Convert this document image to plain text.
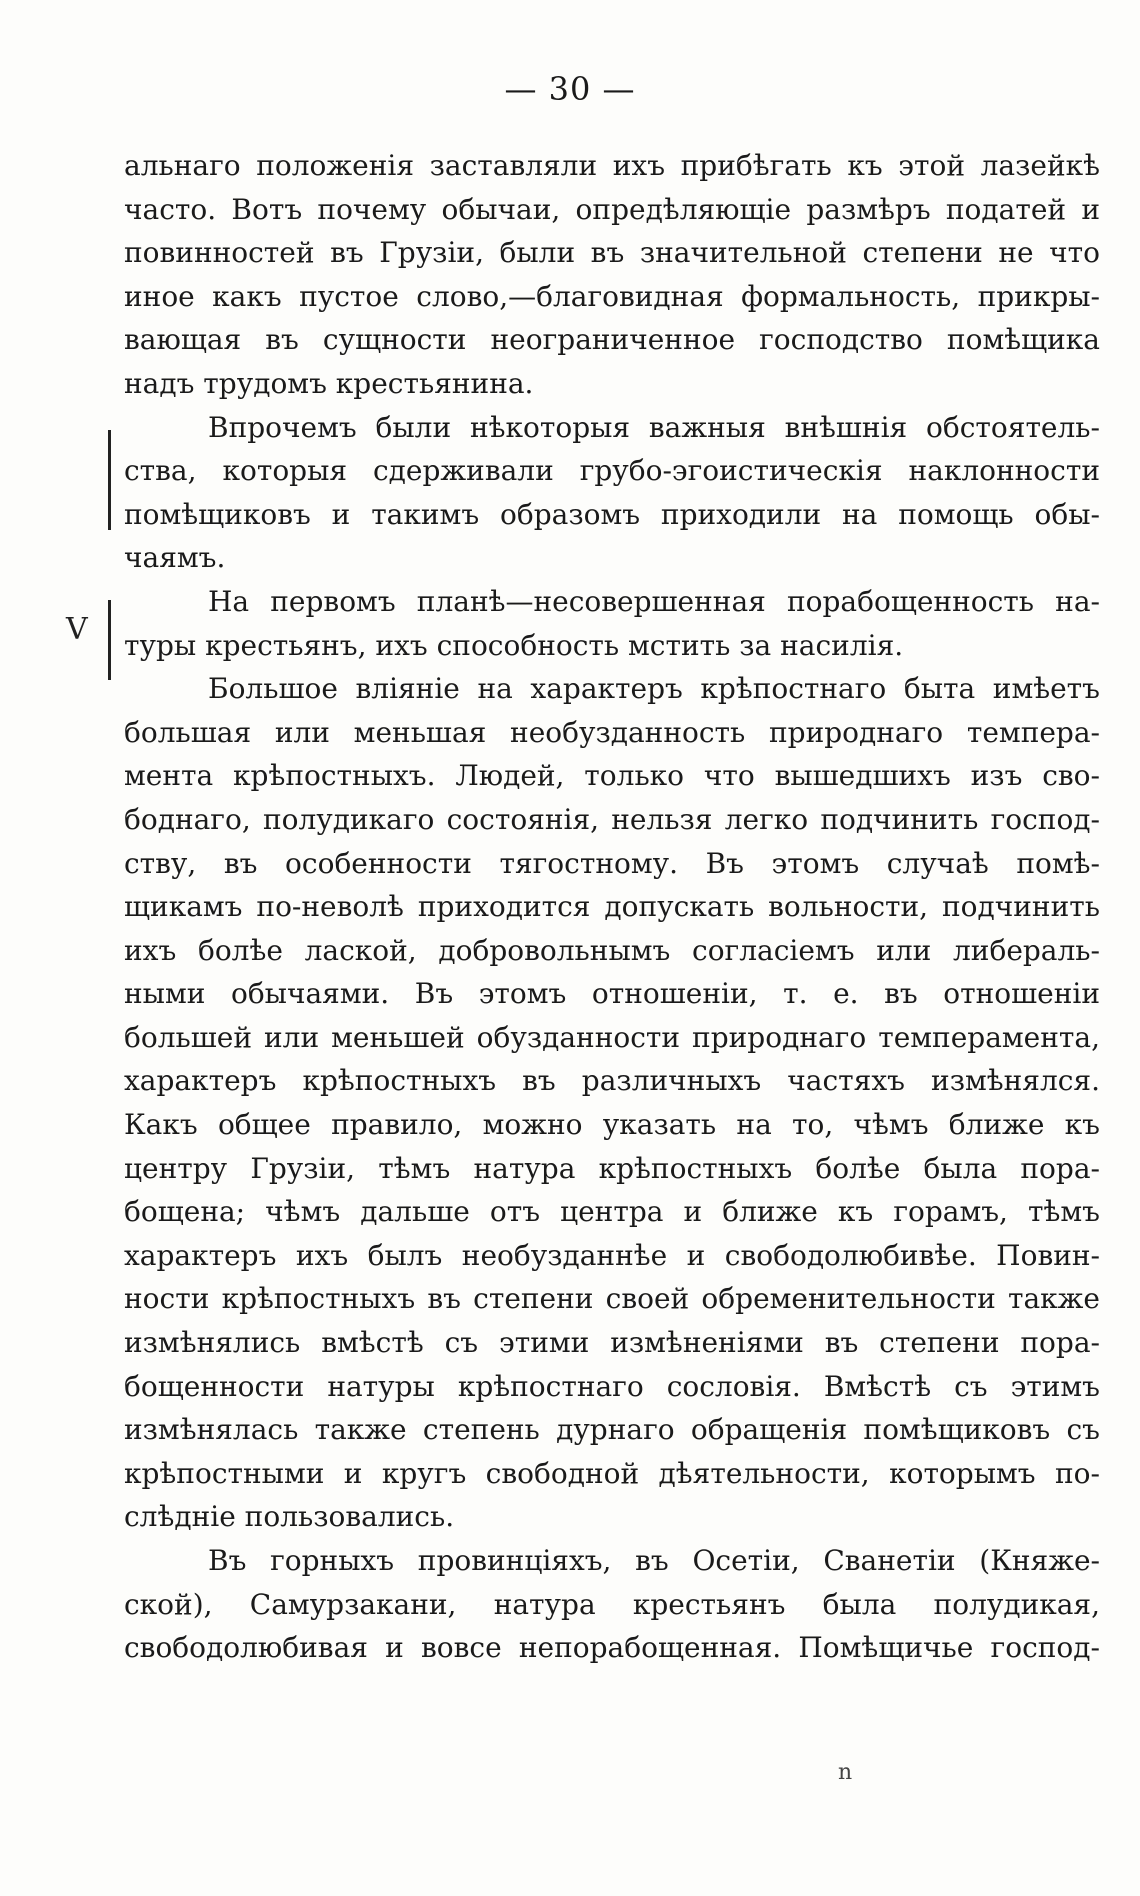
— 30 —
альнаго положенія заставляли ихъ прибѣгать къ этой лазейкѣ
часто. Вотъ почему обычаи, опредѣляющіе размѣръ податей и
повинностей въ Грузіи, были въ значительной степени не что
иное какъ пустое слово,—благовидная формальность, прикры-
вающая въ сущности неограниченное господство помѣщика
надъ трудомъ крестьянина.
Впрочемъ были нѣкоторыя важныя внѣшнія обстоятель-
ства, которыя сдерживали грубо-эгоистическія наклонности
помѣщиковъ и такимъ образомъ приходили на помощь обы-
чаямъ.
На первомъ планѣ—несовершенная порабощенность на-
туры крестьянъ, ихъ способность мстить за насилія.
Большое вліяніе на характеръ крѣпостнаго быта имѣетъ
большая или меньшая необузданность природнаго темпера-
мента крѣпостныхъ. Людей, только что вышедшихъ изъ сво-
боднаго, полудикаго состоянія, нельзя легко подчинить господ-
ству, въ особенности тягостному. Въ этомъ случаѣ помѣ-
щикамъ по-неволѣ приходится допускать вольности, подчинить
ихъ болѣе лаской, добровольнымъ согласіемъ или либераль-
ными обычаями. Въ этомъ отношеніи, т. е. въ отношеніи
большей или меньшей обузданности природнаго темперамента,
характеръ крѣпостныхъ въ различныхъ частяхъ измѣнялся.
Какъ общее правило, можно указать на то, чѣмъ ближе къ
центру Грузіи, тѣмъ натура крѣпостныхъ болѣе была пора-
бощена; чѣмъ дальше отъ центра и ближе къ горамъ, тѣмъ
характеръ ихъ былъ необузданнѣе и свободолюбивѣе. Повин-
ности крѣпостныхъ въ степени своей обременительности также
измѣнялись вмѣстѣ съ этими измѣненіями въ степени пора-
бощенности натуры крѣпостнаго сословія. Вмѣстѣ съ этимъ
измѣнялась также степень дурнаго обращенія помѣщиковъ съ
крѣпостными и кругъ свободной дѣятельности, которымъ по-
слѣдніе пользовались.
Въ горныхъ провинціяхъ, въ Осетіи, Сванетіи (Княже-
ской), Самурзакани, натура крестьянъ была полудикая,
свободолюбивая и вовсе непорабощенная. Помѣщичье господ-
V
n
